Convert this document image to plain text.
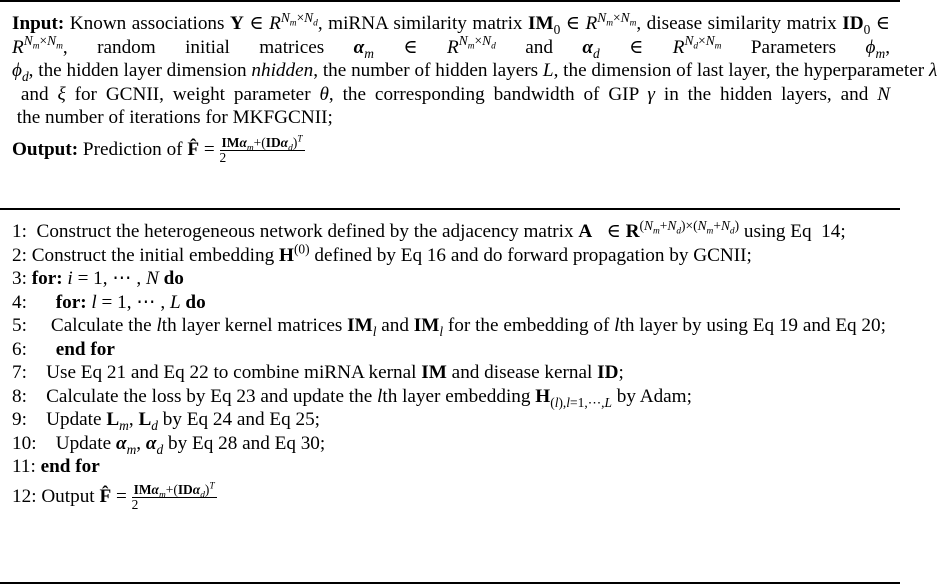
Input: Known associations Y ∈ $R^{N_m\times N_d}$, miRNA similarity matrix $IM_0$ ∈ $R^{N_m\times N_m}$, disease similarity matrix $ID_0$ ∈ $R^{N_m\times N_m}$, random initial matrices $\alpha_m$ ∈ $R^{N_m\times N_d}$ and $\alpha_d$ ∈ $R^{N_d\times N_m}$ Parameters $\phi_m$, $\phi_d$, the hidden layer dimension nhidden, the number of hidden layers L, the dimension of last layer, the hyperparameter λ and ξ for GCNII, weight parameter θ, the corresponding bandwidth of GIP γ in the hidden layers, and N the number of iterations for MKFGCNII;

Output: Prediction of F̂ = $\frac{IM\alpha_m+(ID\alpha_d)^T}{2}$

1: Construct the heterogeneous network defined by the adjacency matrix A   ∈ $R^{(N_m+N_d)\times(N_m+N_d)}$ using Eq  14;

2: Construct the initial embedding $H^{(0)}$ defined by Eq 16 and do forward propagation by GCNII;

3: for: i = 1, ⋯ , N do

4: for: l = 1, ⋯ , L do

5: Calculate the lth layer kernel matrices $IM_l$ and $IM_l$ for the embedding of lth layer by using Eq 19 and Eq 20;

6: end for

7: Use Eq 21 and Eq 22 to combine miRNA kernal IM and disease kernal ID;

8: Calculate the loss by Eq 23 and update the lth layer embedding $H_{(l),l=1,\cdots,L}$ by Adam;

9: Update $L_m$, $L_d$ by Eq 24 and Eq 25;

10: Update $\alpha_m$, $\alpha_d$ by Eq 28 and Eq 30;

11: end for

12: Output F̂ = $\frac{IM\alpha_m+(ID\alpha_d)^T}{2}$
